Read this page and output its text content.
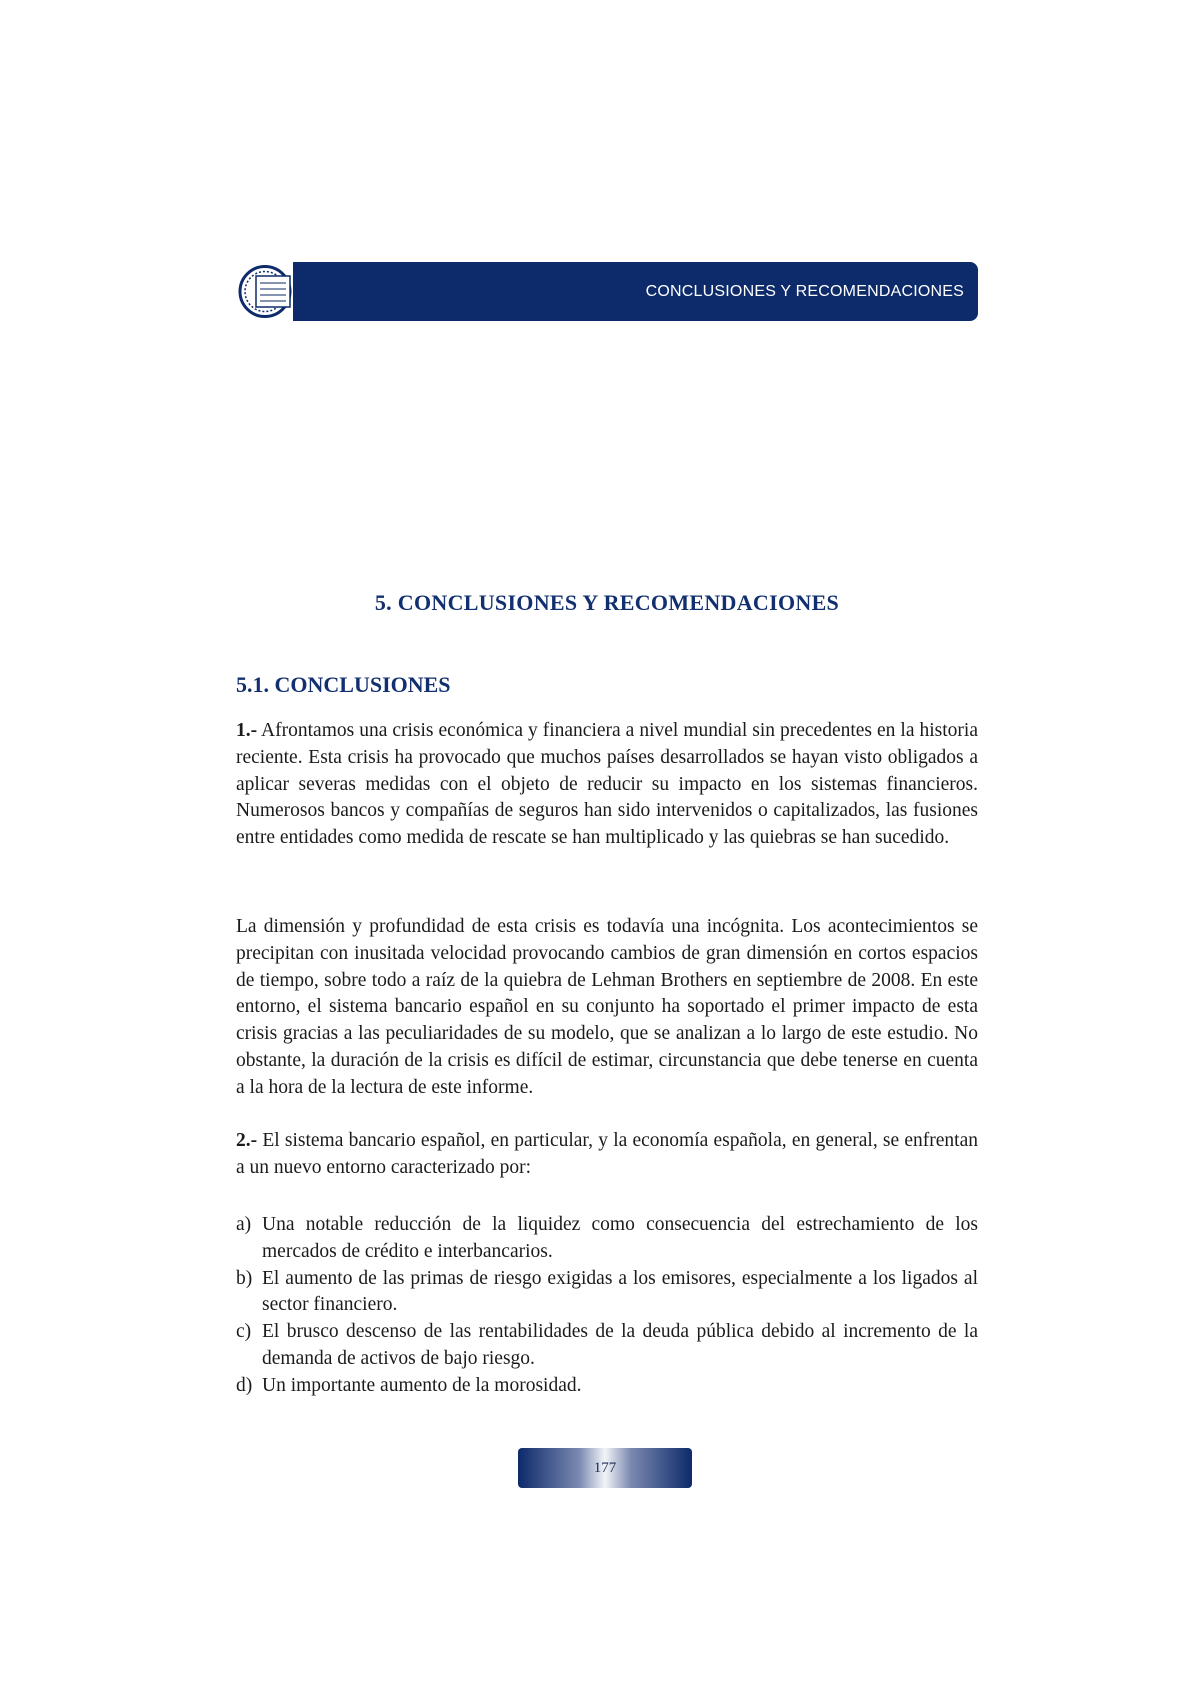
CONCLUSIONES Y RECOMENDACIONES
5. CONCLUSIONES Y RECOMENDACIONES
5.1. CONCLUSIONES

1.- Afrontamos una crisis económica y financiera a nivel mundial sin precedentes en la historia reciente. Esta crisis ha provocado que muchos países desarrollados se hayan visto obligados a aplicar severas medidas con el objeto de reducir su impacto en los sistemas financieros. Numerosos bancos y compañías de seguros han sido intervenidos o capitalizados, las fusiones entre entidades como medida de rescate se han multiplicado y las quiebras se han sucedido.

La dimensión y profundidad de esta crisis es todavía una incógnita. Los acontecimientos se precipitan con inusitada velocidad provocando cambios de gran dimensión en cortos espacios de tiempo, sobre todo a raíz de la quiebra de Lehman Brothers en septiembre de 2008. En este entorno, el sistema bancario español en su conjunto ha soportado el primer impacto de esta crisis gracias a las peculiaridades de su modelo, que se analizan a lo largo de este estudio. No obstante, la duración de la crisis es difícil de estimar, circunstancia que debe tenerse en cuenta a la hora de la lectura de este informe.

2.- El sistema bancario español, en particular, y la economía española, en general, se enfrentan a un nuevo entorno caracterizado por:

a) Una notable reducción de la liquidez como consecuencia del estrechamiento de los mercados de crédito e interbancarios.
b) El aumento de las primas de riesgo exigidas a los emisores, especialmente a los ligados al sector financiero.
c) El brusco descenso de las rentabilidades de la deuda pública debido al incremento de la demanda de activos de bajo riesgo.
d) Un importante aumento de la morosidad.
177
